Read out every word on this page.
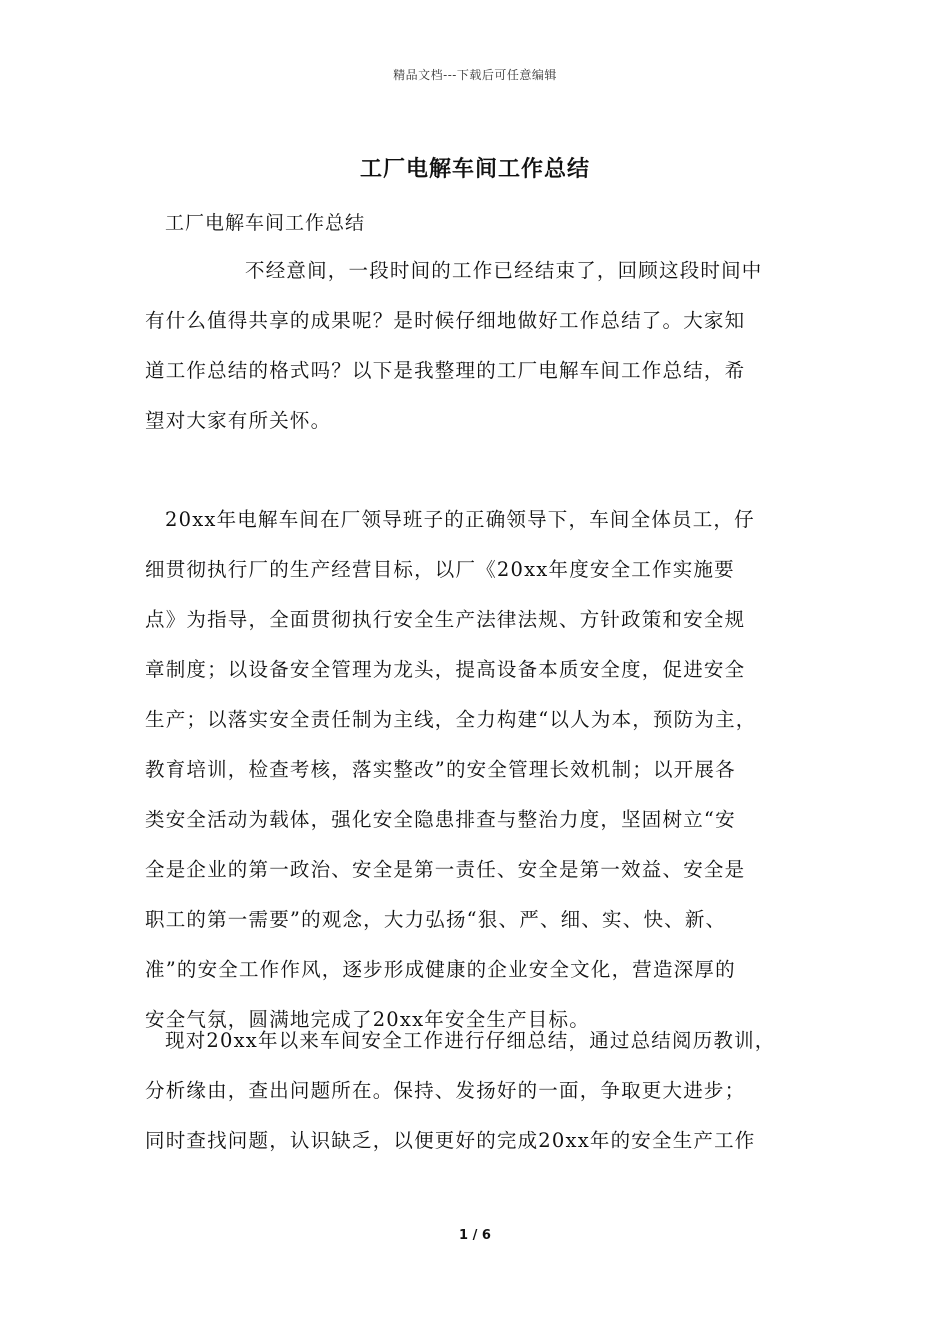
精品文档---下载后可任意编辑
工厂电解车间工作总结
工厂电解车间工作总结
不经意间，一段时间的工作已经结束了，回顾这段时间中
有什么值得共享的成果呢？是时候仔细地做好工作总结了。大家知
道工作总结的格式吗？以下是我整理的工厂电解车间工作总结，希
望对大家有所关怀。
20xx年电解车间在厂领导班子的正确领导下，车间全体员工，仔
细贯彻执行厂的生产经营目标，以厂《20xx年度安全工作实施要
点》为指导，全面贯彻执行安全生产法律法规、方针政策和安全规
章制度；以设备安全管理为龙头，提高设备本质安全度，促进安全
生产；以落实安全责任制为主线，全力构建“以人为本，预防为主，
教育培训，检查考核，落实整改”的安全管理长效机制；以开展各
类安全活动为载体，强化安全隐患排查与整治力度，坚固树立“安
全是企业的第一政治、安全是第一责任、安全是第一效益、安全是
职工的第一需要”的观念，大力弘扬“狠、严、细、实、快、新、
准”的安全工作作风，逐步形成健康的企业安全文化，营造深厚的
安全气氛，圆满地完成了20xx年安全生产目标。
现对20xx年以来车间安全工作进行仔细总结，通过总结阅历教训，
分析缘由，查出问题所在。保持、发扬好的一面，争取更大进步；
同时查找问题，认识缺乏，以便更好的完成20xx年的安全生产工作
1 / 6
